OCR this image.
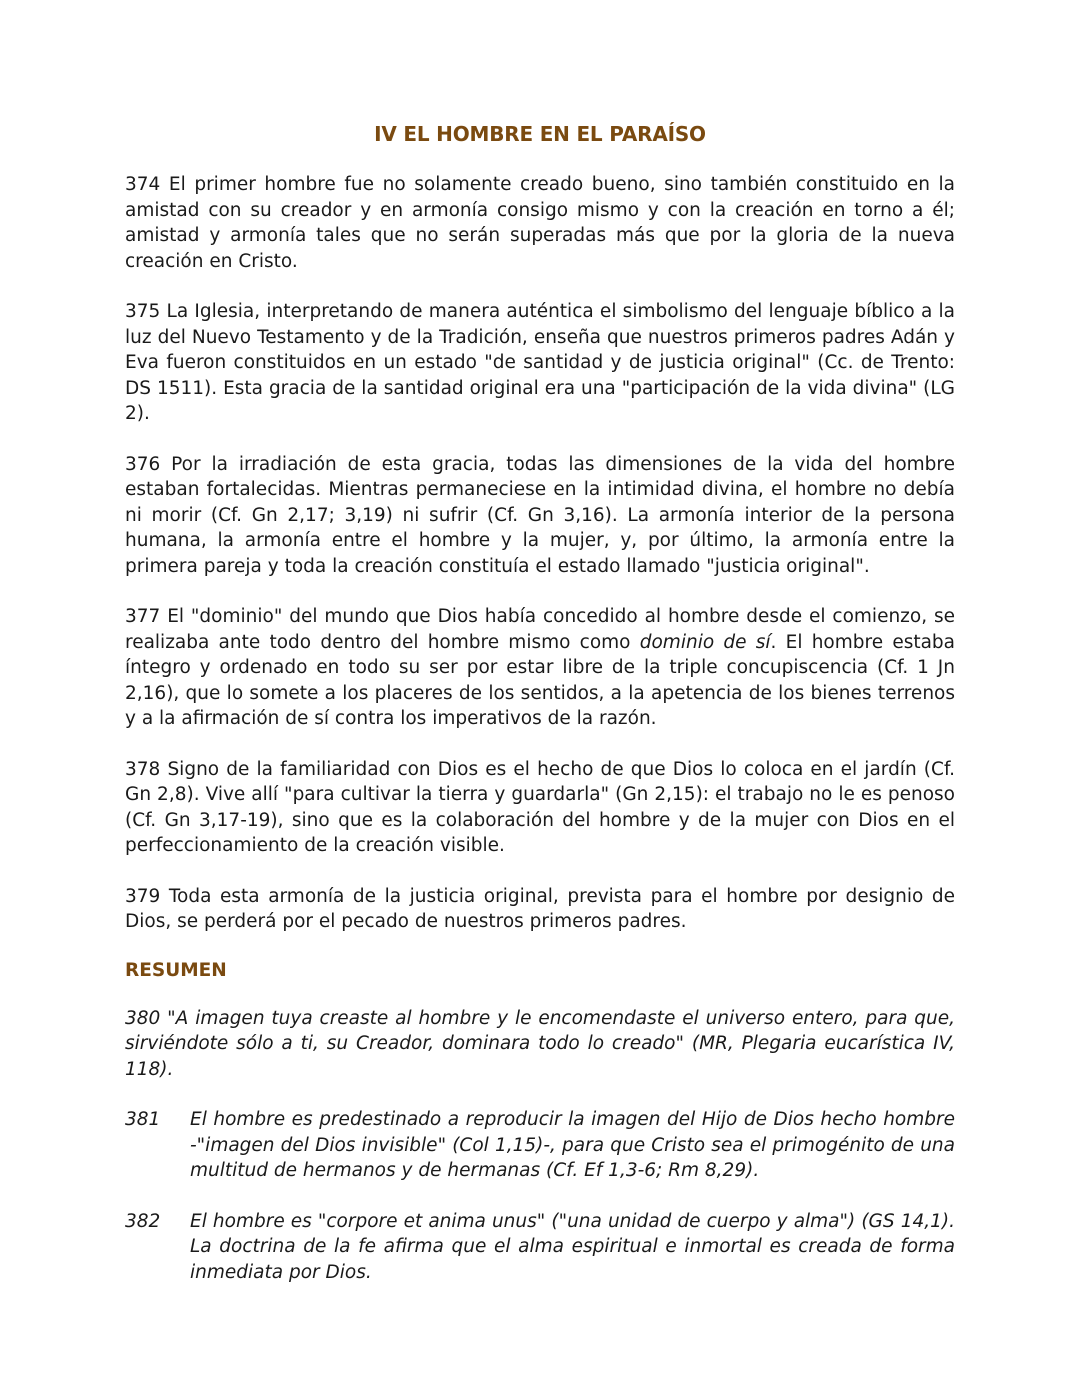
IV EL HOMBRE EN EL PARAÍSO

374 El primer hombre fue no solamente creado bueno, sino también constituido en la amistad con su creador y en armonía consigo mismo y con la creación en torno a él; amistad y armonía tales que no serán superadas más que por la gloria de la nueva creación en Cristo.

375 La Iglesia, interpretando de manera auténtica el simbolismo del lenguaje bíblico a la luz del Nuevo Testamento y de la Tradición, enseña que nuestros primeros padres Adán y Eva fueron constituidos en un estado "de santidad y de justicia original" (Cc. de Trento: DS 1511). Esta gracia de la santidad original era una "participación de la vida divina" (LG 2).

376 Por la irradiación de esta gracia, todas las dimensiones de la vida del hombre estaban fortalecidas. Mientras permaneciese en la intimidad divina, el hombre no debía ni morir (Cf. Gn 2,17; 3,19) ni sufrir (Cf. Gn 3,16). La armonía interior de la persona humana, la armonía entre el hombre y la mujer, y, por último, la armonía entre la primera pareja y toda la creación constituía el estado llamado "justicia original".

377 El "dominio" del mundo que Dios había concedido al hombre desde el comienzo, se realizaba ante todo dentro del hombre mismo como dominio de sí. El hombre estaba íntegro y ordenado en todo su ser por estar libre de la triple concupiscencia (Cf. 1 Jn 2,16), que lo somete a los placeres de los sentidos, a la apetencia de los bienes terrenos y a la afirmación de sí contra los imperativos de la razón.

378 Signo de la familiaridad con Dios es el hecho de que Dios lo coloca en el jardín (Cf. Gn 2,8). Vive allí "para cultivar la tierra y guardarla" (Gn 2,15): el trabajo no le es penoso (Cf. Gn 3,17-19), sino que es la colaboración del hombre y de la mujer con Dios en el perfeccionamiento de la creación visible.

379 Toda esta armonía de la justicia original, prevista para el hombre por designio de Dios, se perderá por el pecado de nuestros primeros padres.

RESUMEN

380 "A imagen tuya creaste al hombre y le encomendaste el universo entero, para que, sirviéndote sólo a ti, su Creador, dominara todo lo creado" (MR, Plegaria eucarística IV, 118).

381	El hombre es predestinado a reproducir la imagen del Hijo de Dios hecho hombre -"imagen del Dios invisible" (Col 1,15)-, para que Cristo sea el primogénito de una multitud de hermanos y de hermanas (Cf. Ef 1,3-6; Rm 8,29).
382	El hombre es "corpore et anima unus" ("una unidad de cuerpo y alma") (GS 14,1). La doctrina de la fe afirma que el alma espiritual e inmortal es creada de forma inmediata por Dios.
